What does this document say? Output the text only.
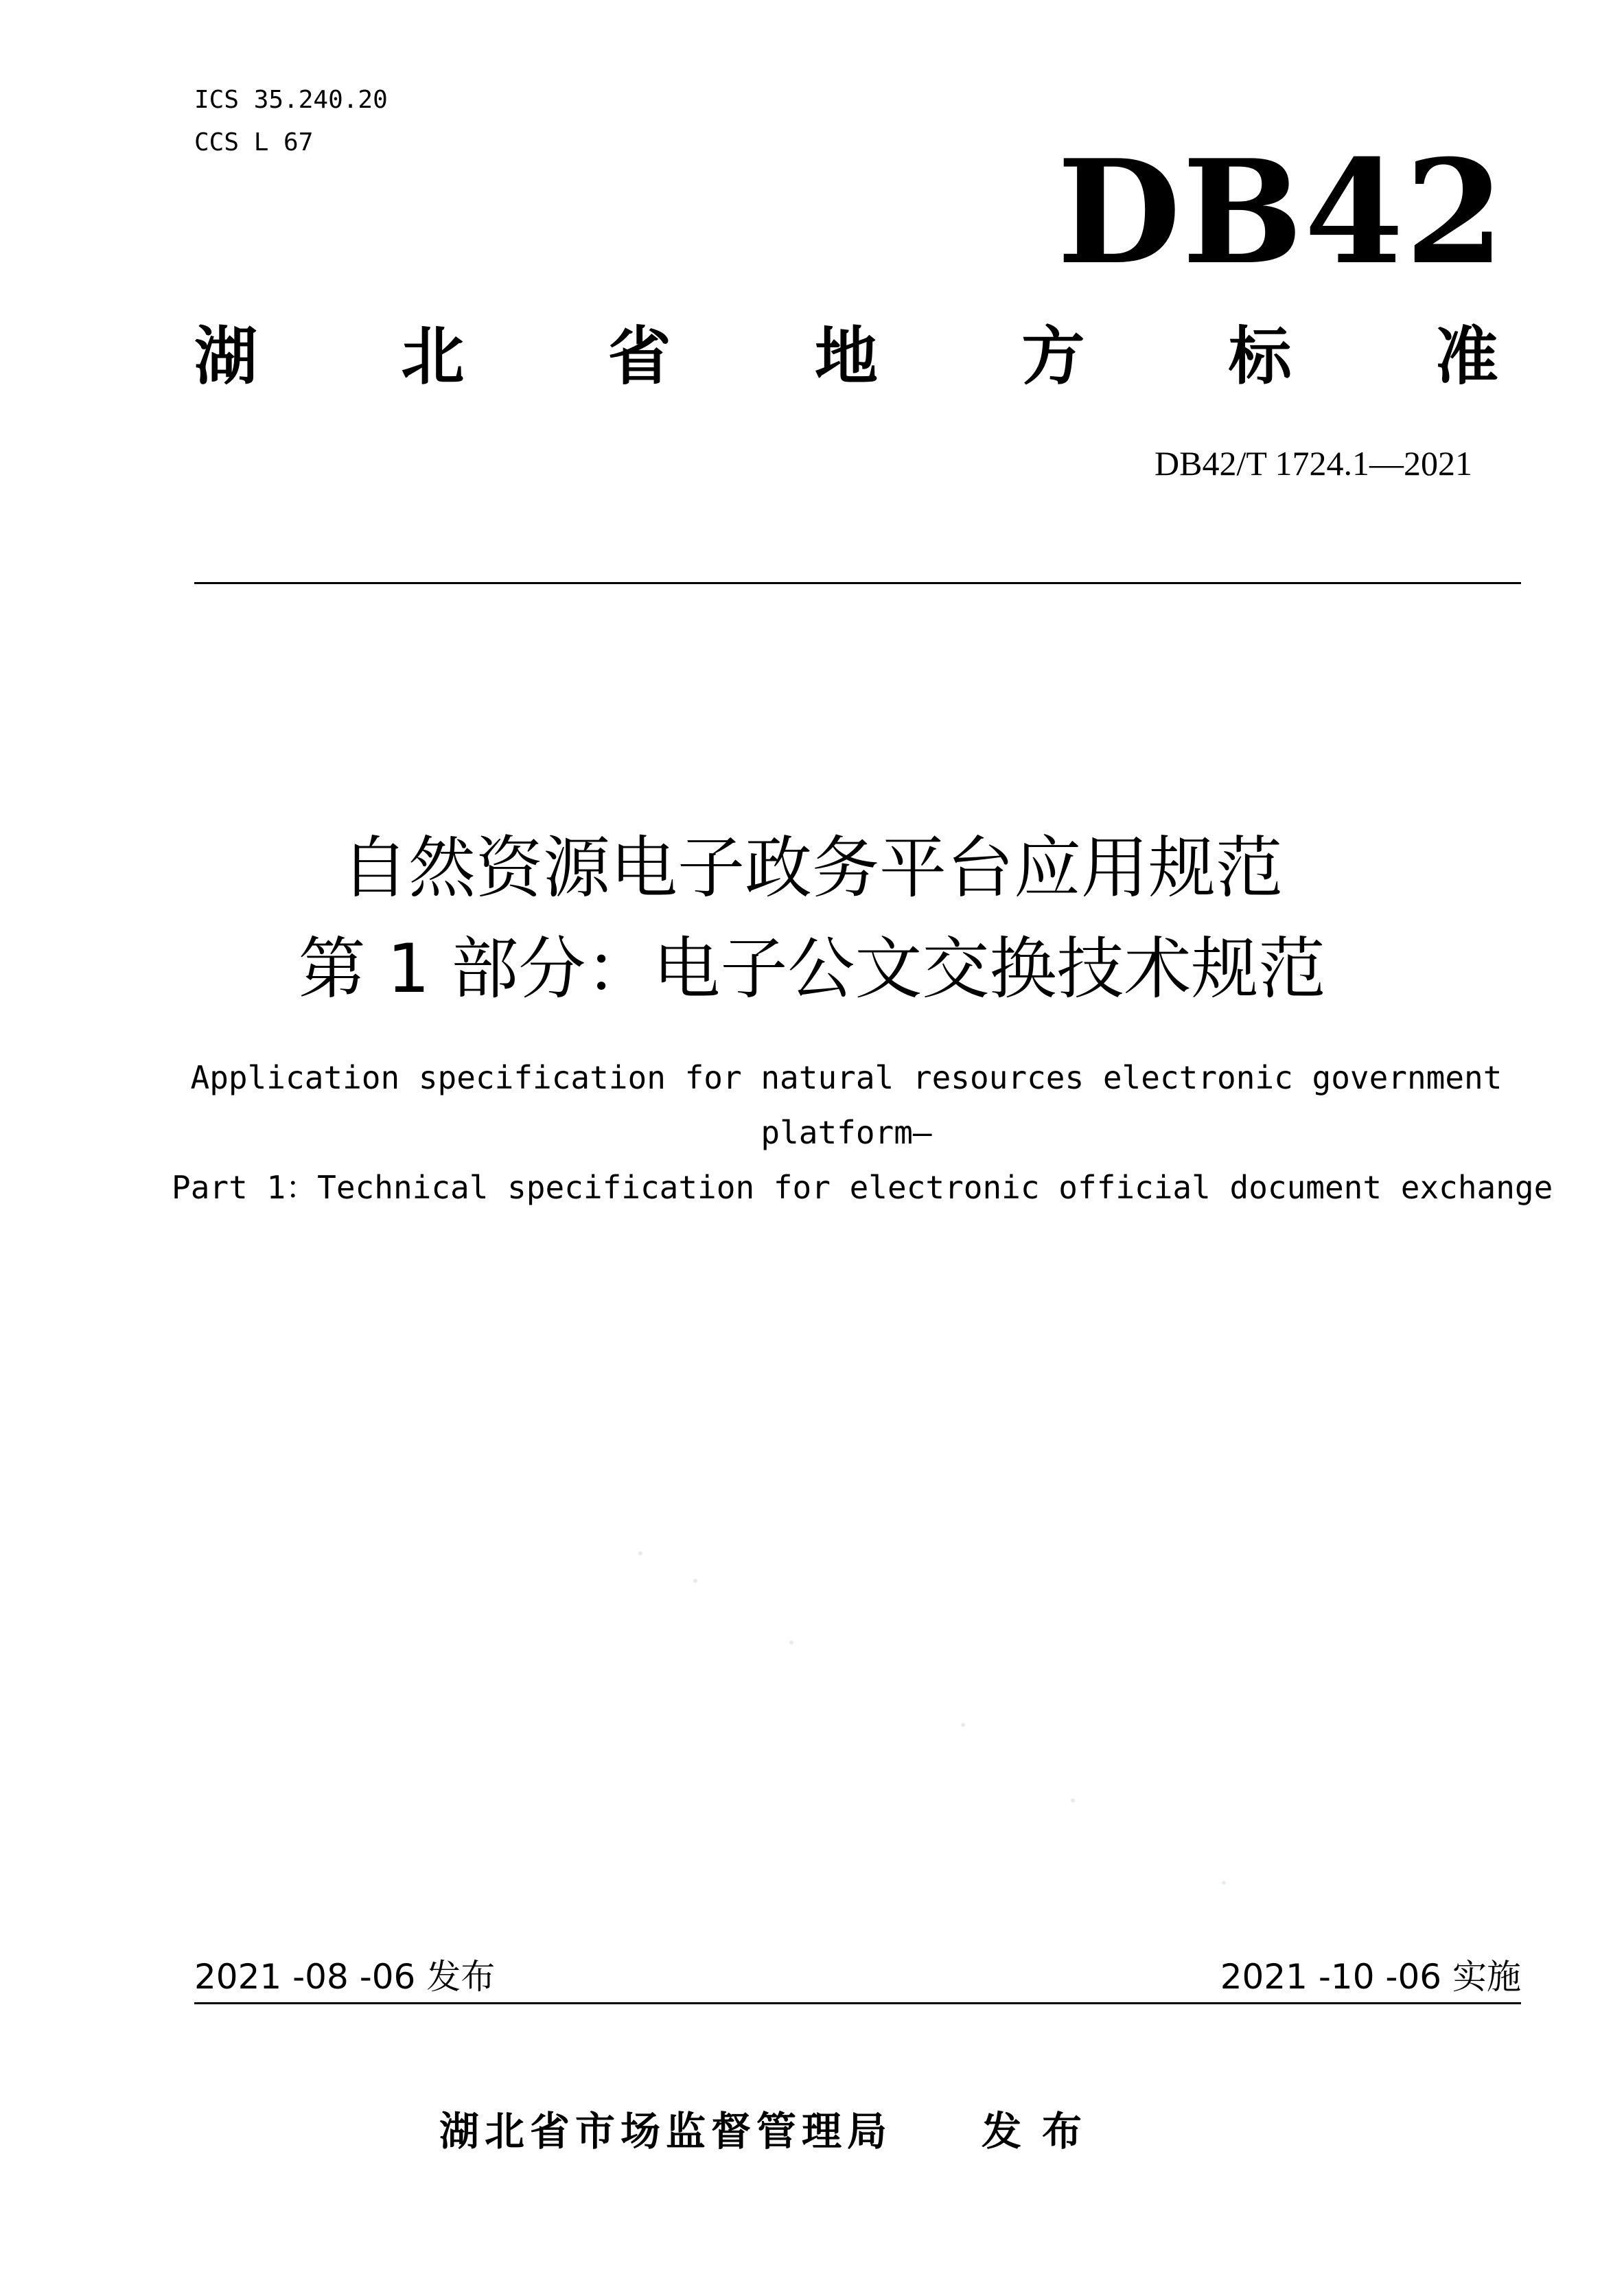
ICS 35.240.20
CCS L 67	DB42
湖 北 省 地 方 标 准
DB42/T 1724.1—2021
自然资源电子政务平台应用规范
第 1 部分：电子公文交换技术规范
Application specification for natural resources electronic government
platform—
Part 1：Technical specification for electronic official document exchange
2021 -08 -06 发布	2021 -10 -06 实施
湖北省市场监督管理局 发布
